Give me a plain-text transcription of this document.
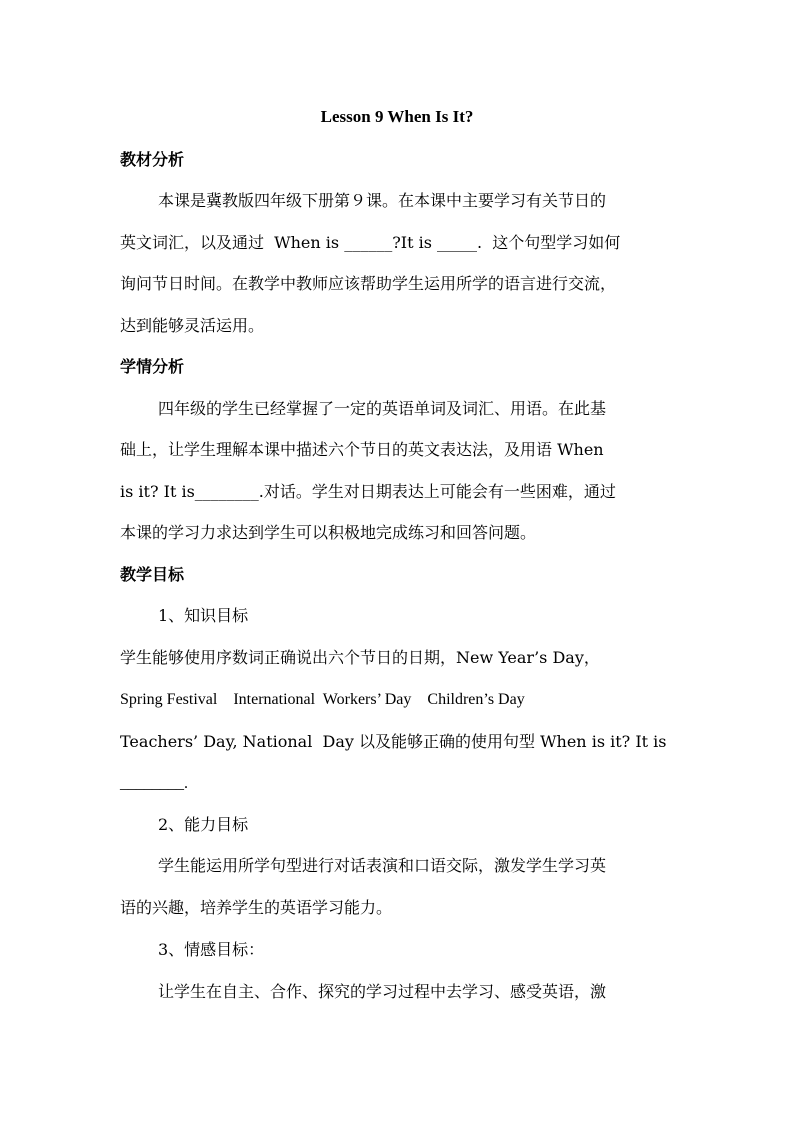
Lesson 9 When Is It?
教材分析
本课是冀教版四年级下册第９课。在本课中主要学习有关节日的
英文词汇，以及通过  When is ______?It is _____.  这个句型学习如何
询问节日时间。在教学中教师应该帮助学生运用所学的语言进行交流，
达到能够灵活运用。
学情分析
四年级的学生已经掌握了一定的英语单词及词汇、用语。在此基
础上，让学生理解本课中描述六个节日的英文表达法，及用语 When
is it? It is________.对话。学生对日期表达上可能会有一些困难，通过
本课的学习力求达到学生可以积极地完成练习和回答问题。
教学目标
1、知识目标
学生能够使用序数词正确说出六个节日的日期，New Year’s Day，
Spring Festival    International  Workers’ Day    Children’s Day
Teachers’ Day, National  Day 以及能够正确的使用句型 When is it? It is
________.
2、能力目标
学生能运用所学句型进行对话表演和口语交际，激发学生学习英
语的兴趣，培养学生的英语学习能力。
3、情感目标：
让学生在自主、合作、探究的学习过程中去学习、感受英语，激
